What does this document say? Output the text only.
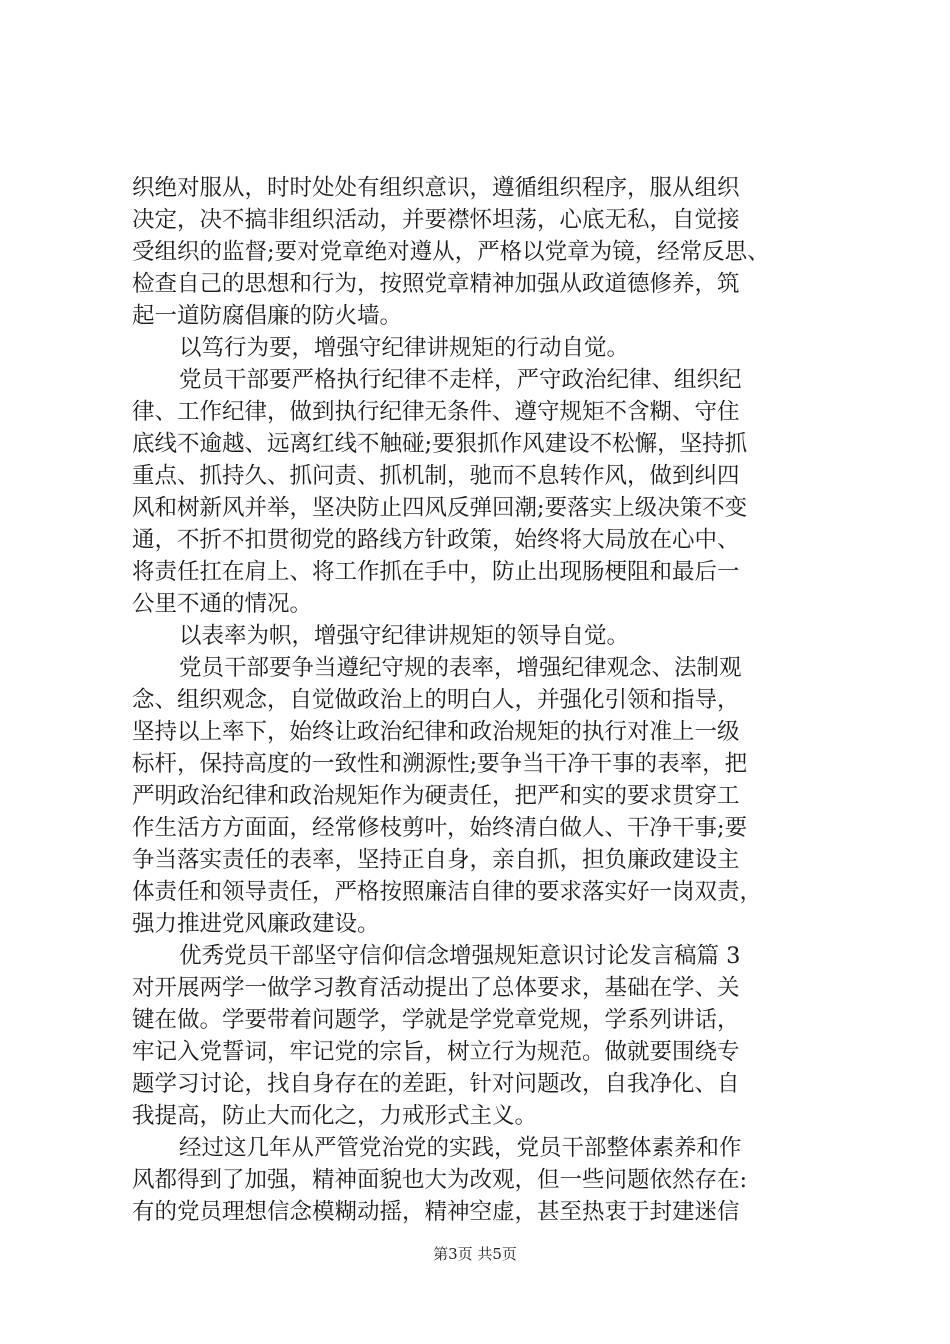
织绝对服从，时时处处有组织意识，遵循组织程序，服从组织
决定，决不搞非组织活动，并要襟怀坦荡，心底无私，自觉接
受组织的监督;要对党章绝对遵从，严格以党章为镜，经常反思、
检查自己的思想和行为，按照党章精神加强从政道德修养，筑
起一道防腐倡廉的防火墙。
以笃行为要，增强守纪律讲规矩的行动自觉。
党员干部要严格执行纪律不走样，严守政治纪律、组织纪
律、工作纪律，做到执行纪律无条件、遵守规矩不含糊、守住
底线不逾越、远离红线不触碰;要狠抓作风建设不松懈，坚持抓
重点、抓持久、抓问责、抓机制，驰而不息转作风，做到纠四
风和树新风并举，坚决防止四风反弹回潮;要落实上级决策不变
通，不折不扣贯彻党的路线方针政策，始终将大局放在心中、
将责任扛在肩上、将工作抓在手中，防止出现肠梗阻和最后一
公里不通的情况。
以表率为帜，增强守纪律讲规矩的领导自觉。
党员干部要争当遵纪守规的表率，增强纪律观念、法制观
念、组织观念，自觉做政治上的明白人，并强化引领和指导，
坚持以上率下，始终让政治纪律和政治规矩的执行对准上一级
标杆，保持高度的一致性和溯源性;要争当干净干事的表率，把
严明政治纪律和政治规矩作为硬责任，把严和实的要求贯穿工
作生活方方面面，经常修枝剪叶，始终清白做人、干净干事;要
争当落实责任的表率，坚持正自身，亲自抓，担负廉政建设主
体责任和领导责任，严格按照廉洁自律的要求落实好一岗双责，
强力推进党风廉政建设。
优秀党员干部坚守信仰信念增强规矩意识讨论发言稿篇 3
对开展两学一做学习教育活动提出了总体要求，基础在学、关
键在做。学要带着问题学，学就是学党章党规，学系列讲话，
牢记入党誓词，牢记党的宗旨，树立行为规范。做就要围绕专
题学习讨论，找自身存在的差距，针对问题改，自我净化、自
我提高，防止大而化之，力戒形式主义。
经过这几年从严管党治党的实践，党员干部整体素养和作
风都得到了加强，精神面貌也大为改观，但一些问题依然存在:
有的党员理想信念模糊动摇，精神空虚，甚至热衷于封建迷信
第3页 共5页
